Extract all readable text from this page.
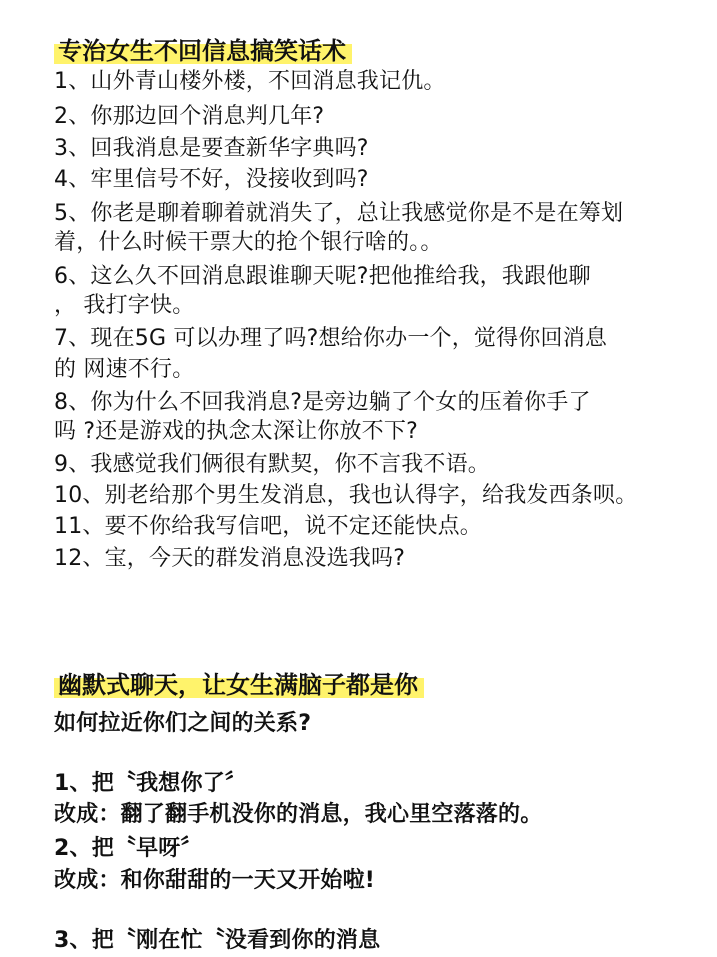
专治女生不回信息搞笑话术
1、山外青山楼外楼，不回消息我记仇。
2、你那边回个消息判几年?
3、回我消息是要查新华字典吗?
4、牢里信号不好，没接收到吗?
5、你老是聊着聊着就消失了，总让我感觉你是不是在筹划
着，什么时候干票大的抢个银行啥的。。
6、这么久不回消息跟谁聊天呢?把他推给我，我跟他聊
， 我打字快。
7、现在5G 可以办理了吗?想给你办一个，觉得你回消息
的 网速不行。
8、你为什么不回我消息?是旁边躺了个女的压着你手了
吗 ?还是游戏的执念太深让你放不下?
9、我感觉我们俩很有默契，你不言我不语。
10、别老给那个男生发消息，我也认得字，给我发西条呗。
11、要不你给我写信吧，说不定还能快点。
12、宝，今天的群发消息没选我吗?
幽默式聊天，让女生满脑子都是你
如何拉近你们之间的关系?
1、把〝我想你了〞
改成：翻了翻手机没你的消息，我心里空落落的。
2、把〝早呀〞
改成：和你甜甜的一天又开始啦!
3、把〝刚在忙〝没看到你的消息
